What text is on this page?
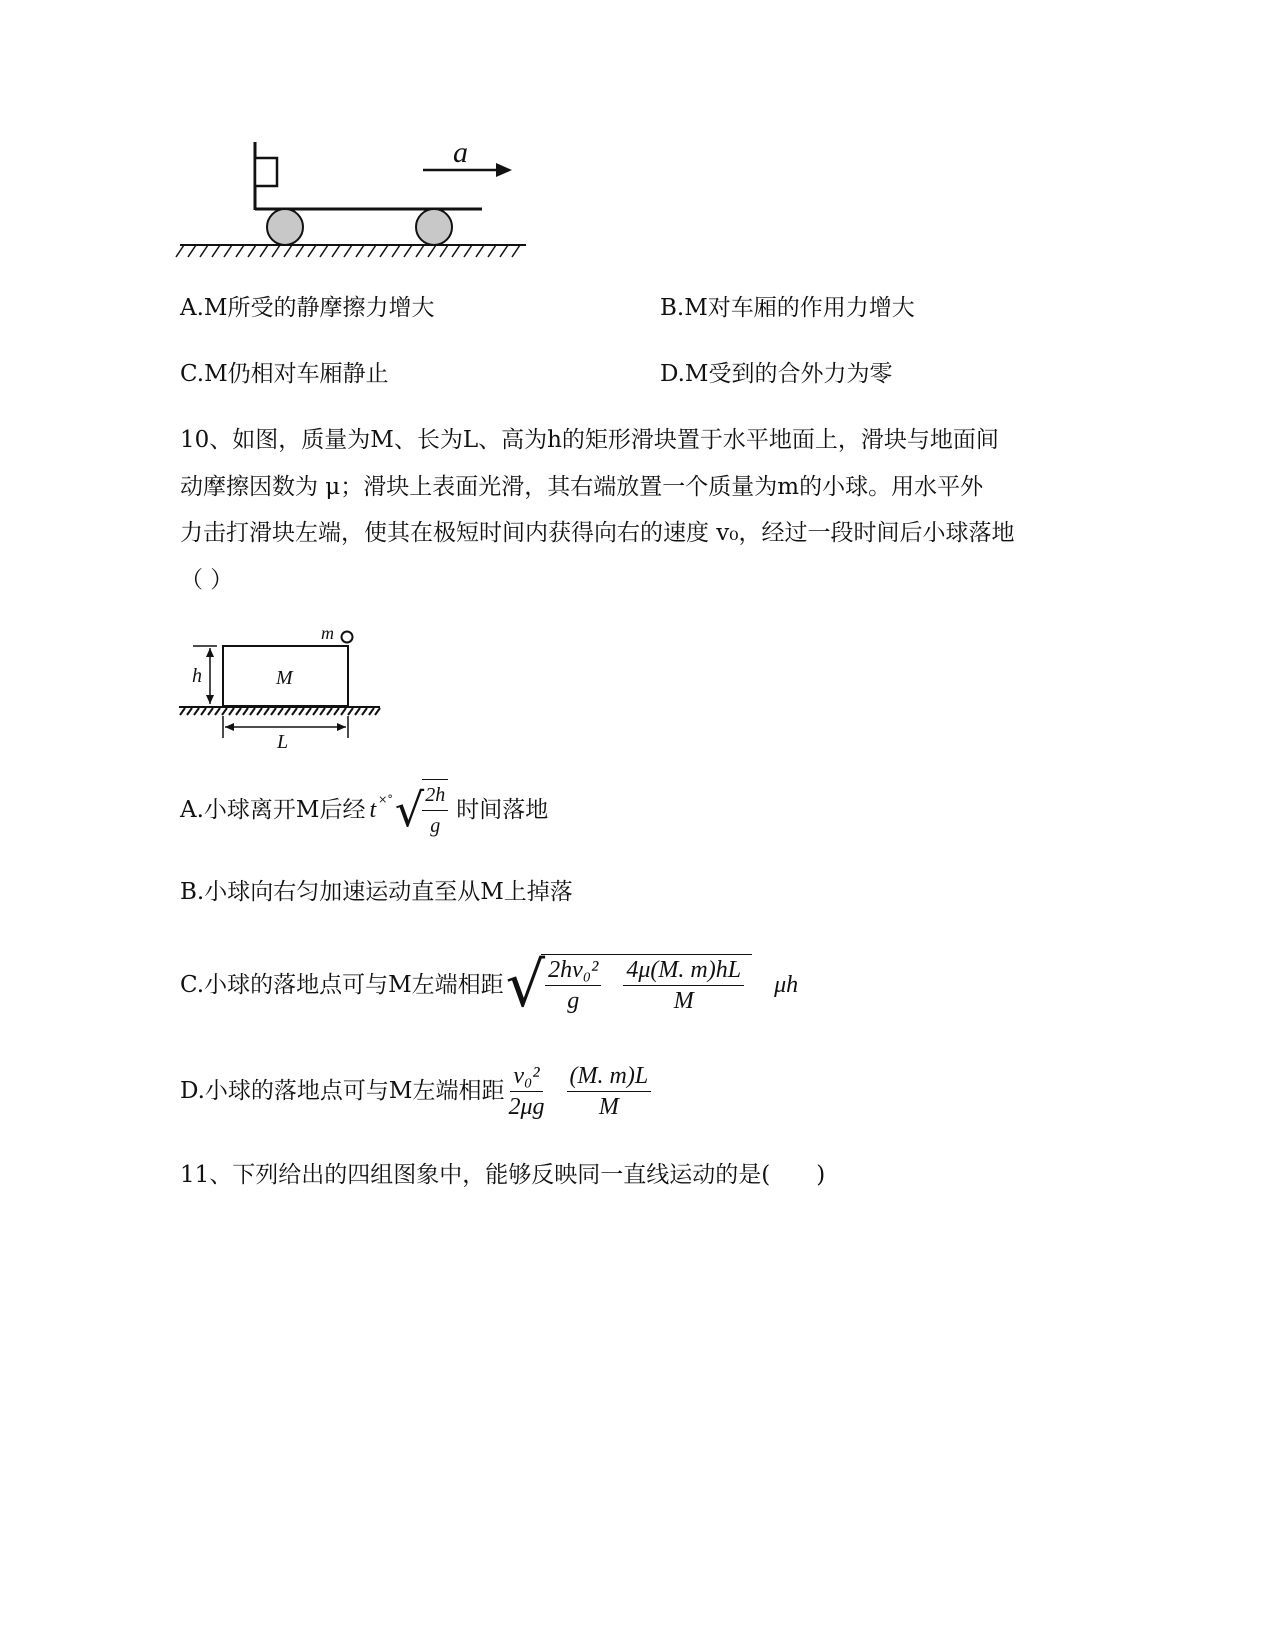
a
A.M所受的静摩擦力增大	B.M对车厢的作用力增大
C.M仍相对车厢静止	D.M受到的合外力为零
10、如图，质量为M、长为L、高为h的矩形滑块置于水平地面上，滑块与地面间
动摩擦因数为 μ；滑块上表面光滑，其右端放置一个质量为m的小球。用水平外
力击打滑块左端，使其在极短时间内获得向右的速度 v₀，经过一段时间后小球落地
（ ）
h	M
m
L
A.小球离开M后经 t ×° √
$\frac{2h}{g}$ 时间落地
B.小球向右匀加速运动直至从M上掉落
C.小球的落地点可与M左端相距 √ $\frac{\text{2hv₀²}}{g} \frac{4\mu(M. m)hL}{M}$ μh
D.小球的落地点可与M左端相距 $\frac{\text{v₀²}}{2\mu g} \frac{(M. m)L}{M}$
11、下列给出的四组图象中，能够反映同一直线运动的是(　　)
